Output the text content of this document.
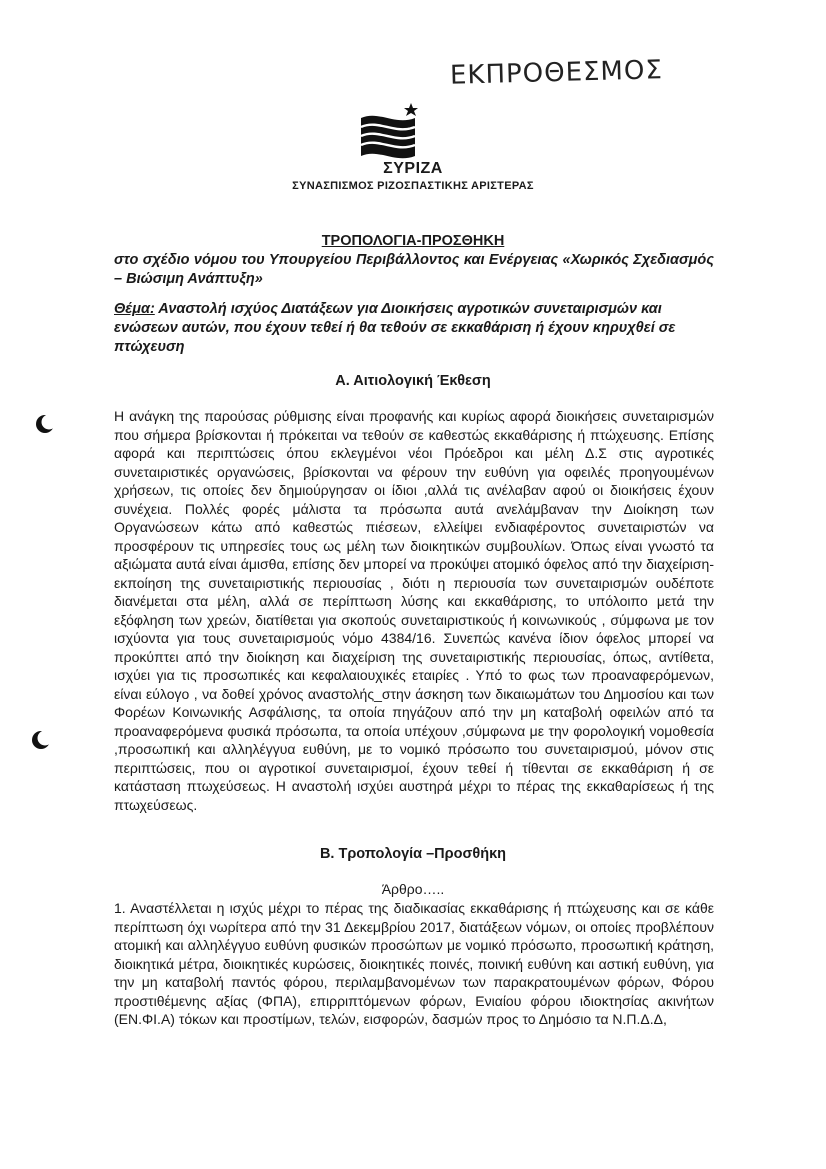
ΕΚΠΡΟΘΕΣΜΟΣ
ΣΥΡΙΖΑ
ΣΥΝΑΣΠΙΣΜΟΣ ΡΙΖΟΣΠΑΣΤΙΚΗΣ ΑΡΙΣΤΕΡΑΣ
ΤΡΟΠΟΛΟΓΙΑ-ΠΡΟΣΘΗΚΗ
στο σχέδιο νόμου του Υπουργείου Περιβάλλοντος και Ενέργειας «Χωρικός Σχεδιασμός – Βιώσιμη Ανάπτυξη»
Θέμα: Αναστολή ισχύος Διατάξεων για Διοικήσεις αγροτικών συνεταιρισμών και ενώσεων αυτών, που έχουν τεθεί ή θα τεθούν σε εκκαθάριση ή έχουν κηρυχθεί σε πτώχευση
Α. Αιτιολογική Έκθεση

Η ανάγκη της παρούσας ρύθμισης είναι προφανής και κυρίως αφορά διοικήσεις συνεταιρισμών που σήμερα βρίσκονται ή πρόκειται να τεθούν σε καθεστώς εκκαθάρισης ή πτώχευσης. Επίσης αφορά και περιπτώσεις όπου εκλεγμένοι νέοι Πρόεδροι και μέλη Δ.Σ στις αγροτικές συνεταιριστικές οργανώσεις, βρίσκονται να φέρουν την ευθύνη για οφειλές προηγουμένων χρήσεων, τις οποίες δεν δημιούργησαν οι ίδιοι ,αλλά τις ανέλαβαν αφού οι διοικήσεις έχουν συνέχεια. Πολλές φορές μάλιστα τα πρόσωπα αυτά ανελάμβαναν την Διοίκηση των Οργανώσεων κάτω από καθεστώς πιέσεων, ελλείψει ενδιαφέροντος συνεταιριστών να προσφέρουν τις υπηρεσίες τους ως μέλη των διοικητικών συμβουλίων. Όπως είναι γνωστό τα αξιώματα αυτά είναι άμισθα, επίσης δεν μπορεί να προκύψει ατομικό όφελος από την διαχείριση- εκποίηση της συνεταιριστικής περιουσίας , διότι η περιουσία των συνεταιρισμών ουδέποτε διανέμεται στα μέλη, αλλά σε περίπτωση λύσης και εκκαθάρισης, το υπόλοιπο μετά την εξόφληση των χρεών, διατίθεται για σκοπούς συνεταιριστικούς ή κοινωνικούς , σύμφωνα με τον ισχύοντα για τους συνεταιρισμούς νόμο 4384/16. Συνεπώς κανένα ίδιον όφελος μπορεί να προκύπτει από την διοίκηση και διαχείριση της συνεταιριστικής περιουσίας, όπως, αντίθετα, ισχύει για τις προσωπικές και κεφαλαιουχικές εταιρίες . Υπό το φως των προαναφερόμενων, είναι εύλογο , να δοθεί χρόνος αναστολής_στην άσκηση των δικαιωμάτων του Δημοσίου και των Φορέων Κοινωνικής Ασφάλισης, τα οποία πηγάζουν από την μη καταβολή οφειλών από τα προαναφερόμενα φυσικά πρόσωπα, τα οποία υπέχουν ,σύμφωνα με την φορολογική νομοθεσία ,προσωπική και αλληλέγγυα ευθύνη, με το νομικό πρόσωπο του συνεταιρισμού, μόνον στις περιπτώσεις, που οι αγροτικοί συνεταιρισμοί, έχουν τεθεί ή τίθενται σε εκκαθάριση ή σε κατάσταση πτωχεύσεως. Η αναστολή ισχύει αυστηρά μέχρι το πέρας της εκκαθαρίσεως ή της πτωχεύσεως.

Β. Τροπολογία –Προσθήκη
Άρθρο…..

1. Αναστέλλεται η ισχύς μέχρι το πέρας της διαδικασίας εκκαθάρισης ή πτώχευσης και σε κάθε περίπτωση όχι νωρίτερα από την 31 Δεκεμβρίου 2017, διατάξεων νόμων, οι οποίες προβλέπουν ατομική και αλληλέγγυο ευθύνη φυσικών προσώπων με νομικό πρόσωπο, προσωπική κράτηση, διοικητικά μέτρα, διοικητικές κυρώσεις, διοικητικές ποινές, ποινική ευθύνη και αστική ευθύνη, για την μη καταβολή παντός φόρου, περιλαμβανομένων των παρακρατουμένων φόρων, Φόρου προστιθέμενης αξίας (ΦΠΑ), επιρριπτόμενων φόρων, Ενιαίου φόρου ιδιοκτησίας ακινήτων (ΕΝ.ΦΙ.Α) τόκων και προστίμων, τελών, εισφορών, δασμών προς το Δημόσιο τα Ν.Π.Δ.Δ,
